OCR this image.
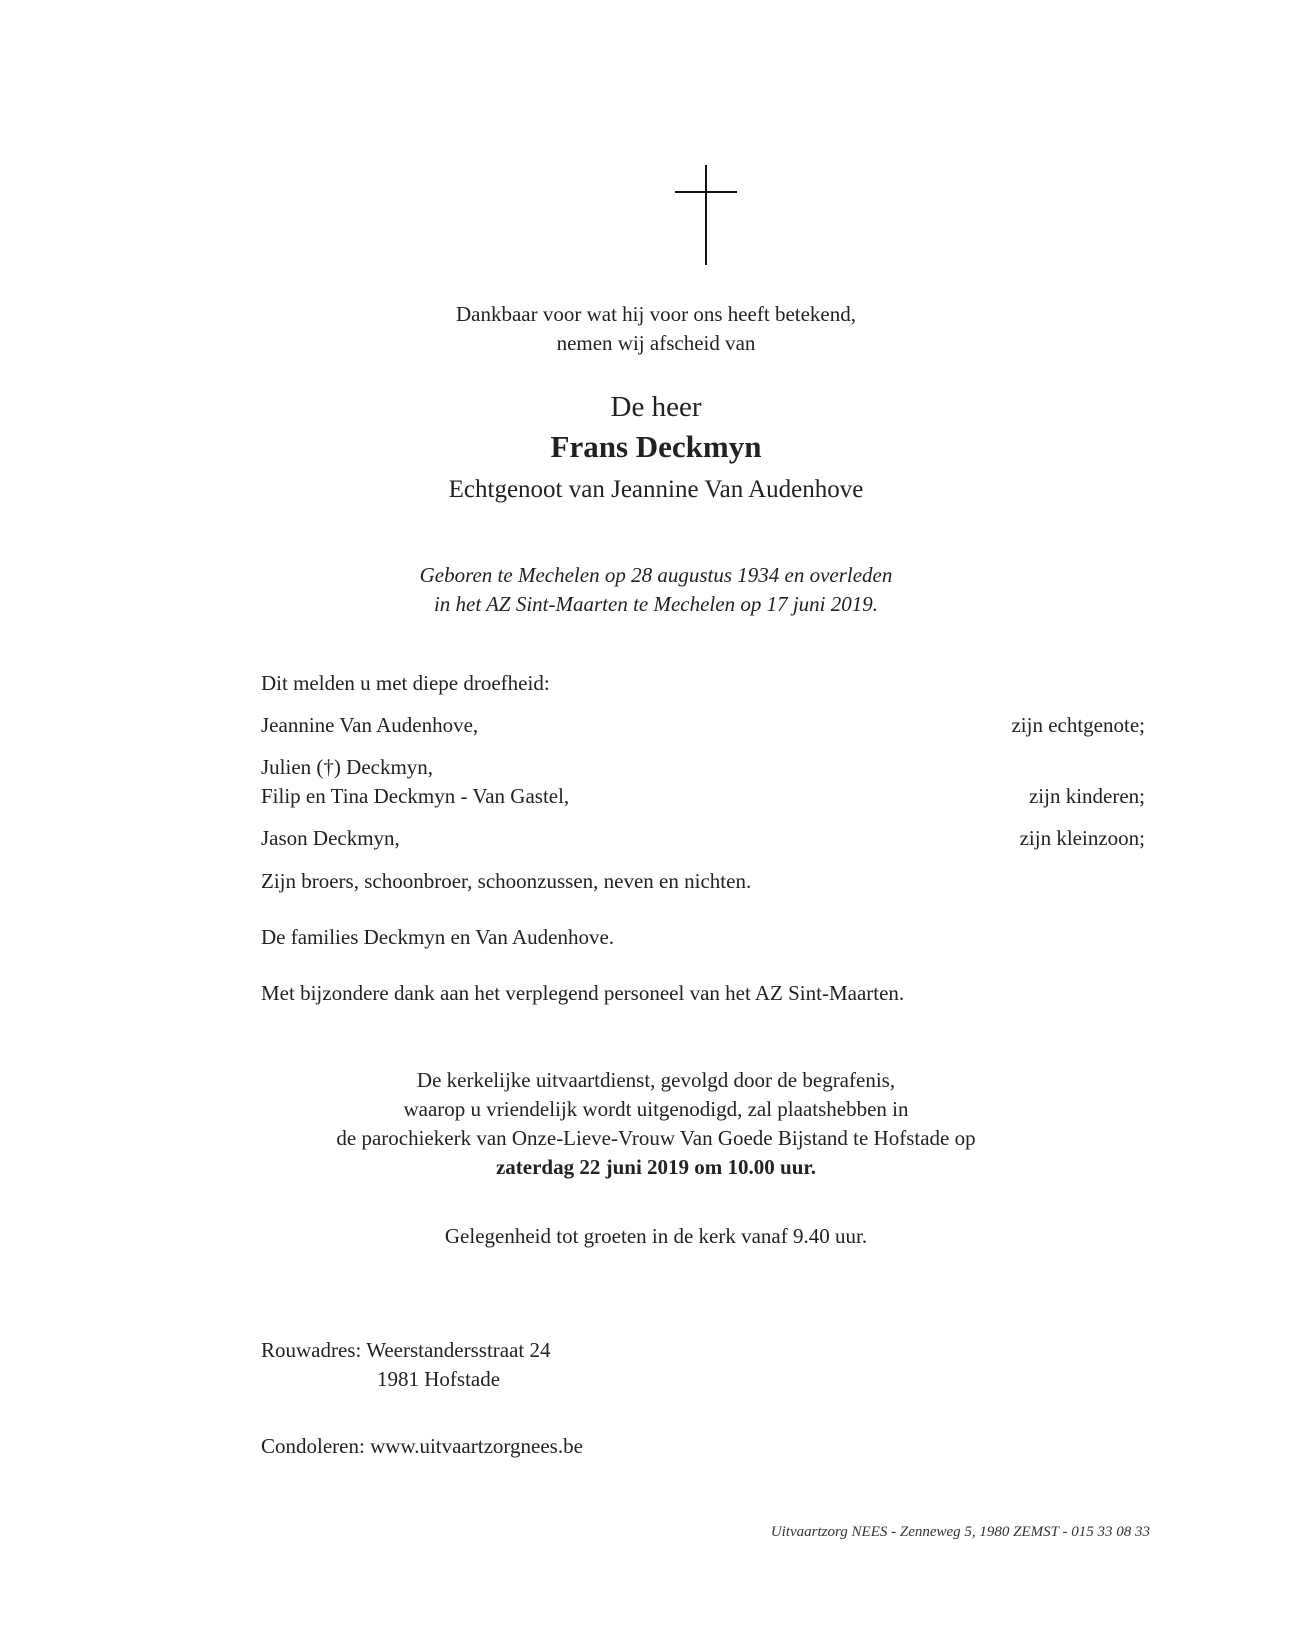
Dankbaar voor wat hij voor ons heeft betekend,
nemen wij afscheid van
De heer
Frans Deckmyn
Echtgenoot van Jeannine Van Audenhove
Geboren te Mechelen op 28 augustus 1934 en overleden
in het AZ Sint-Maarten te Mechelen op 17 juni 2019.
Dit melden u met diepe droefheid:
Jeannine Van Audenhove,	zijn echtgenote;
Julien (†) Deckmyn,
Filip en Tina Deckmyn - Van Gastel,	zijn kinderen;
Jason Deckmyn,	zijn kleinzoon;
Zijn broers, schoonbroer, schoonzussen, neven en nichten.
De families Deckmyn en Van Audenhove.
Met bijzondere dank aan het verplegend personeel van het AZ Sint-Maarten.
De kerkelijke uitvaartdienst, gevolgd door de begrafenis,
waarop u vriendelijk wordt uitgenodigd, zal plaatshebben in
de parochiekerk van Onze-Lieve-Vrouw Van Goede Bijstand te Hofstade op
zaterdag 22 juni 2019 om 10.00 uur.
Gelegenheid tot groeten in de kerk vanaf 9.40 uur.
Rouwadres: Weerstandersstraat 24
1981 Hofstade
Condoleren: www.uitvaartzorgnees.be
Uitvaartzorg NEES - Zenneweg 5, 1980 ZEMST - 015 33 08 33
